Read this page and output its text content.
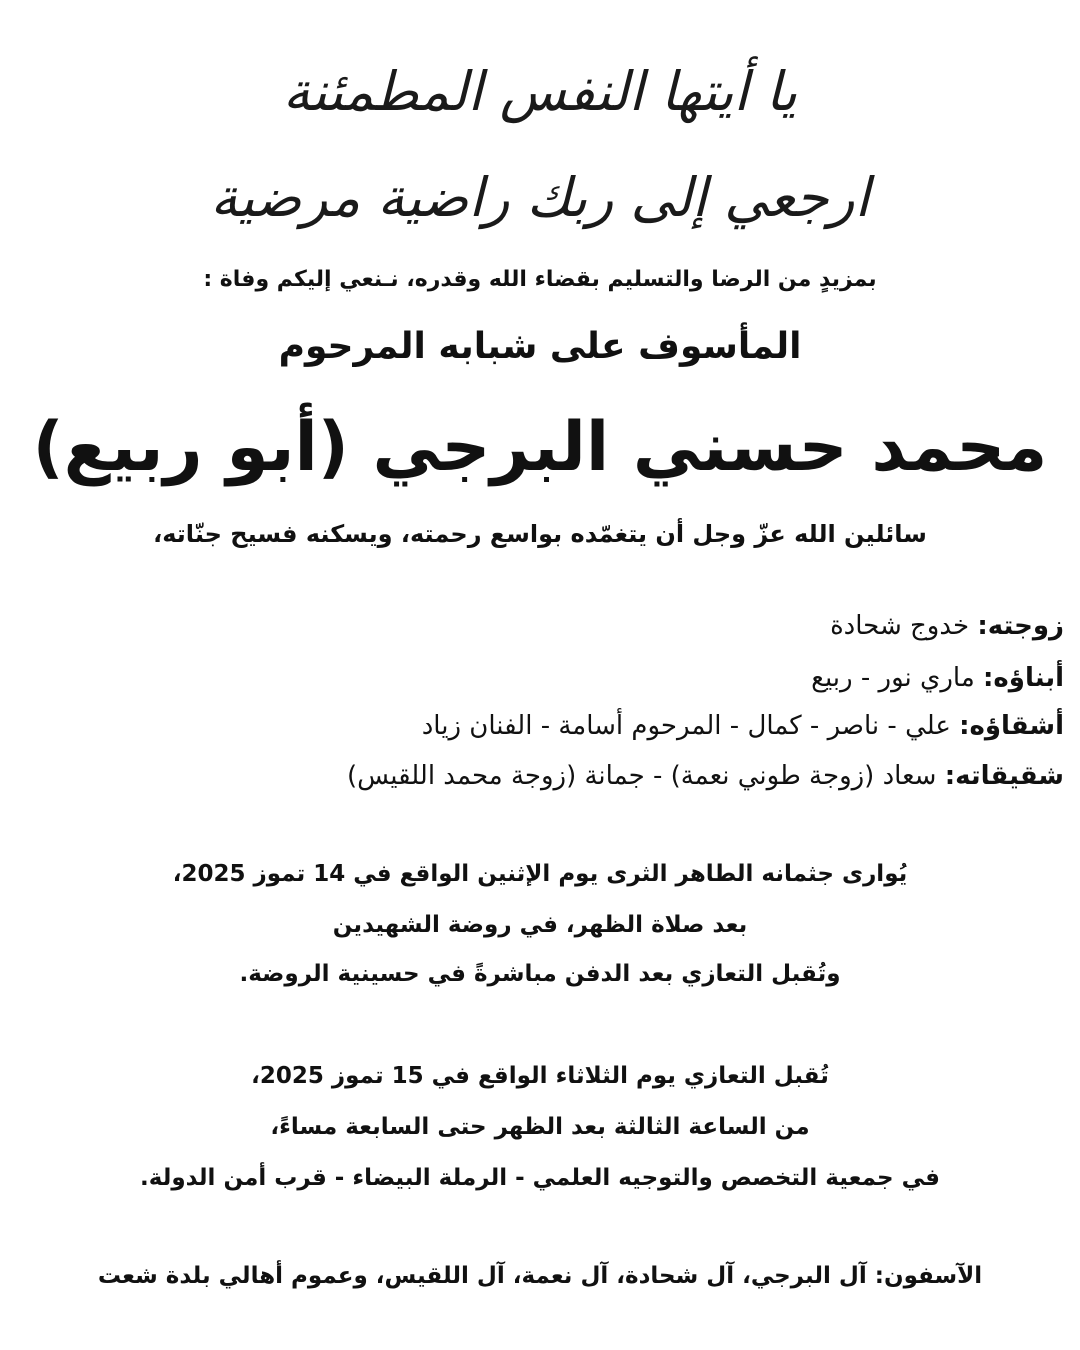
يا أيتها النفس المطمئنة
ارجعي إلى ربك راضية مرضية
بمزيدٍ من الرضا والتسليم بقضاء الله وقدره، نـنعي إليكم وفاة :
المأسوف على شبابه المرحوم
محمد حسني البرجي (أبو ربيع)
سائلين الله عزّ وجل أن يتغمّده بواسع رحمته، ويسكنه فسيح جنّاته،
زوجته: خدوج شحادة
أبناؤه: ماري نور - ربيع
أشقاؤه: علي - ناصر - كمال - المرحوم أسامة - الفنان زياد
شقيقاته: سعاد (زوجة طوني نعمة) - جمانة (زوجة محمد اللقيس)
يُوارى جثمانه الطاهر الثرى يوم الإثنين الواقع في 14 تموز 2025،
بعد صلاة الظهر، في روضة الشهيدين
وتُقبل التعازي بعد الدفن مباشرةً في حسينية الروضة.
تُقبل التعازي يوم الثلاثاء الواقع في 15 تموز 2025،
من الساعة الثالثة بعد الظهر حتى السابعة مساءً،
في جمعية التخصص والتوجيه العلمي - الرملة البيضاء - قرب أمن الدولة.
الآسفون: آل البرجي، آل شحادة، آل نعمة، آل اللقيس، وعموم أهالي بلدة شعت
